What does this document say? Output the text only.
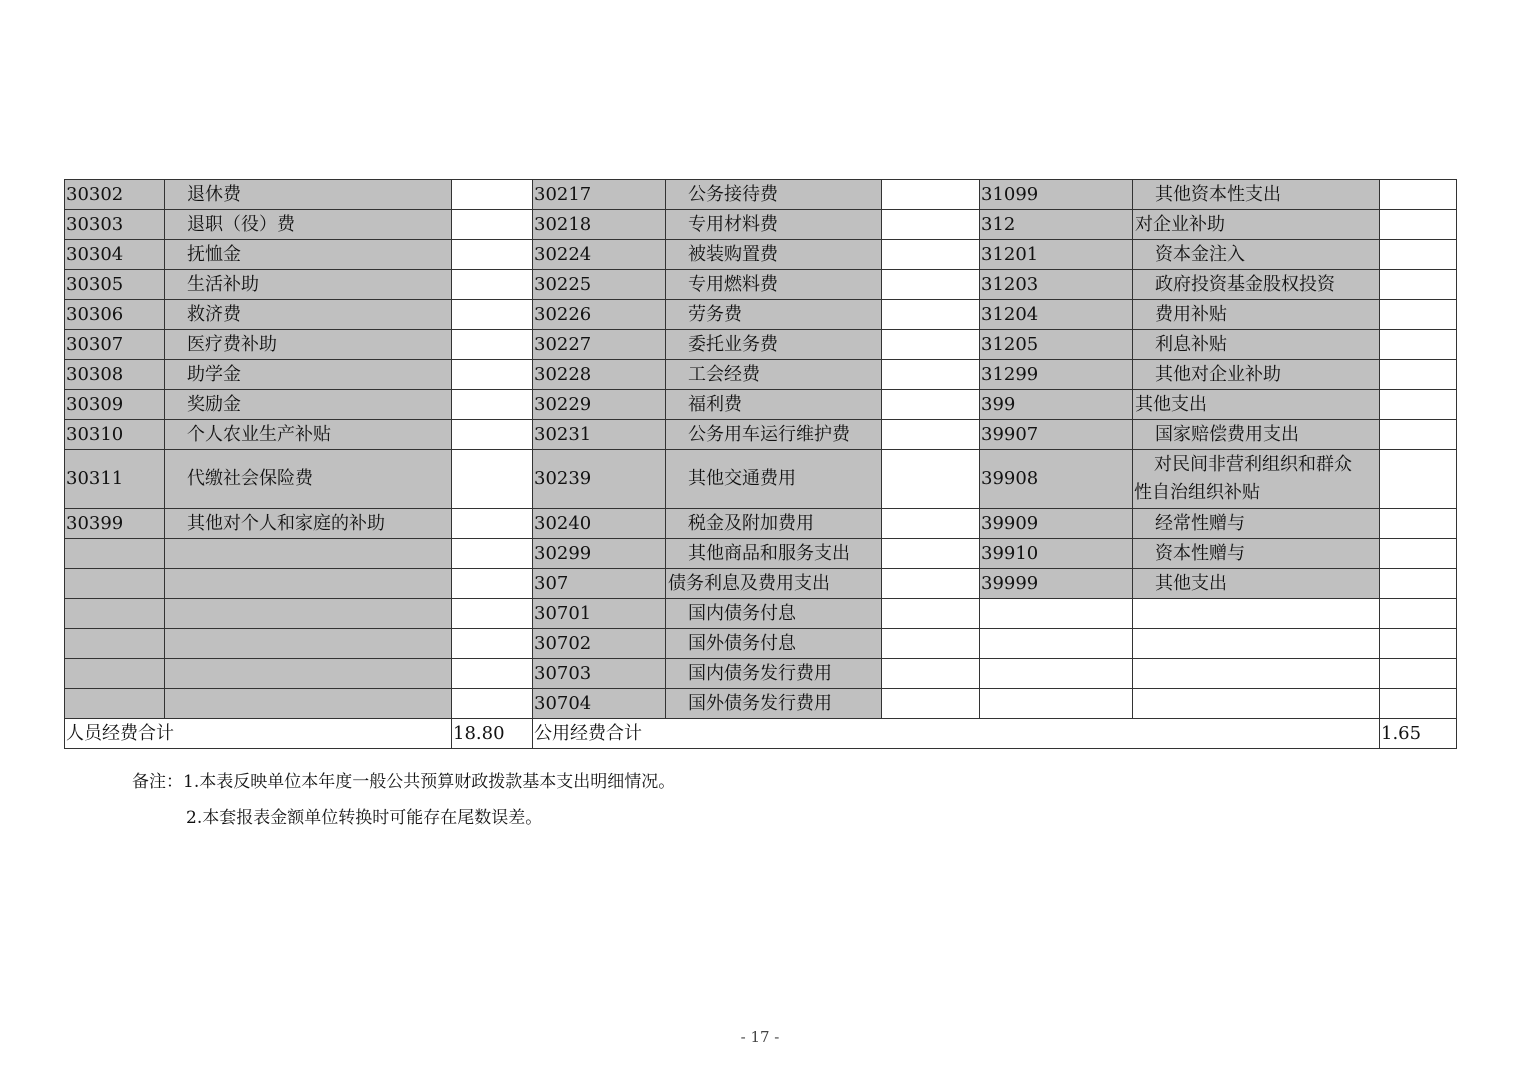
30302	退休费		30217	公务接待费		31099	其他资本性支出	
30303	退职（役）费		30218	专用材料费		312	对企业补助	
30304	抚恤金		30224	被装购置费		31201	资本金注入	
30305	生活补助		30225	专用燃料费		31203	政府投资基金股权投资	
30306	救济费		30226	劳务费		31204	费用补贴	
30307	医疗费补助		30227	委托业务费		31205	利息补贴	
30308	助学金		30228	工会经费		31299	其他对企业补助	
30309	奖励金		30229	福利费		399	其他支出	
30310	个人农业生产补贴		30231	公务用车运行维护费		39907	国家赔偿费用支出	
30311	代缴社会保险费		30239	其他交通费用		39908	对民间非营利组织和群众
性自治组织补贴	

30399	其他对个人和家庭的补助		30240	税金及附加费用		39909	经常性赠与	
			30299	其他商品和服务支出		39910	资本性赠与	
			307	债务利息及费用支出		39999	其他支出	
			30701	国内债务付息				
			30702	国外债务付息				
			30703	国内债务发行费用				
			30704	国外债务发行费用				
人员经费合计		18.80	公用经费合计					1.65
备注：1.本表反映单位本年度一般公共预算财政拨款基本支出明细情况。
2.本套报表金额单位转换时可能存在尾数误差。
- 17 -
